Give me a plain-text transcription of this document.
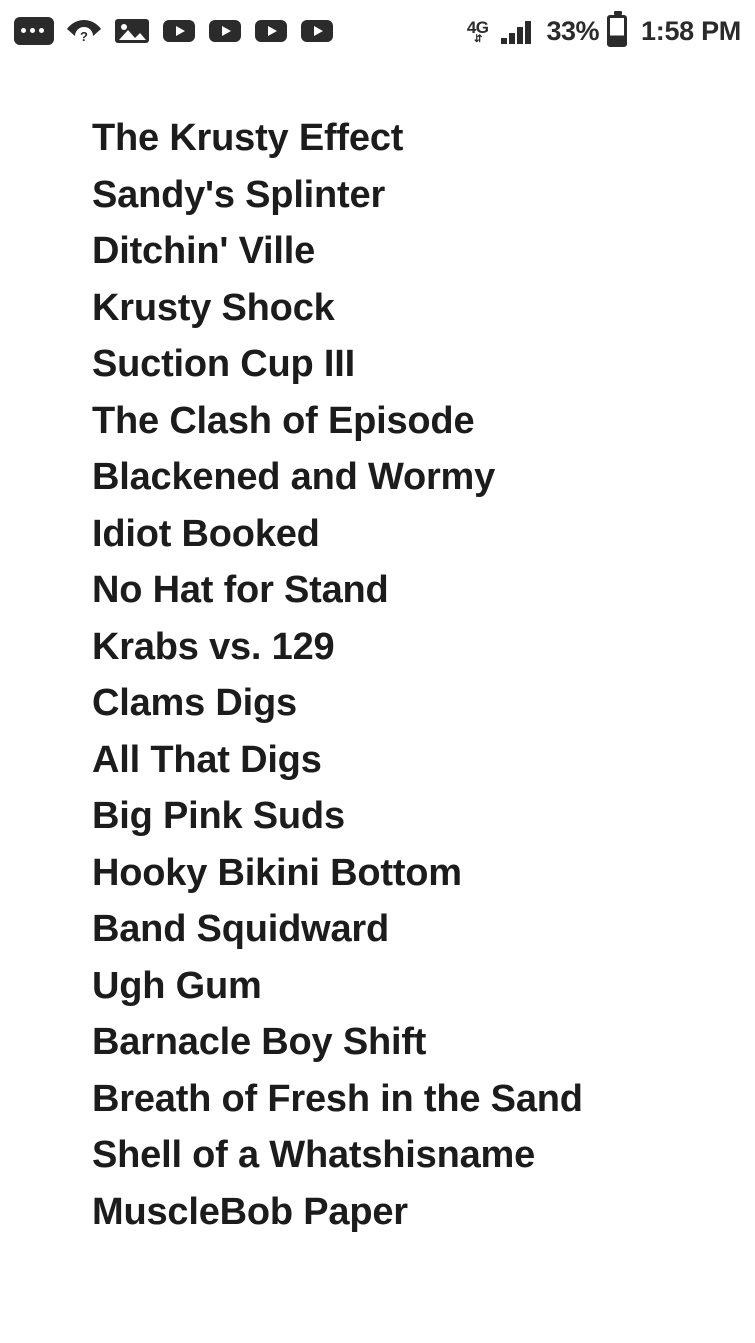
?	4G
⇵ 33% 1:58 PM
The Krusty Effect
Sandy's Splinter
Ditchin' Ville
Krusty Shock
Suction Cup III
The Clash of Episode
Blackened and Wormy
Idiot Booked
No Hat for Stand
Krabs vs. 129
Clams Digs
All That Digs
Big Pink Suds
Hooky Bikini Bottom
Band Squidward
Ugh Gum
Barnacle Boy Shift
Breath of Fresh in the Sand
Shell of a Whatshisname
MuscleBob Paper
